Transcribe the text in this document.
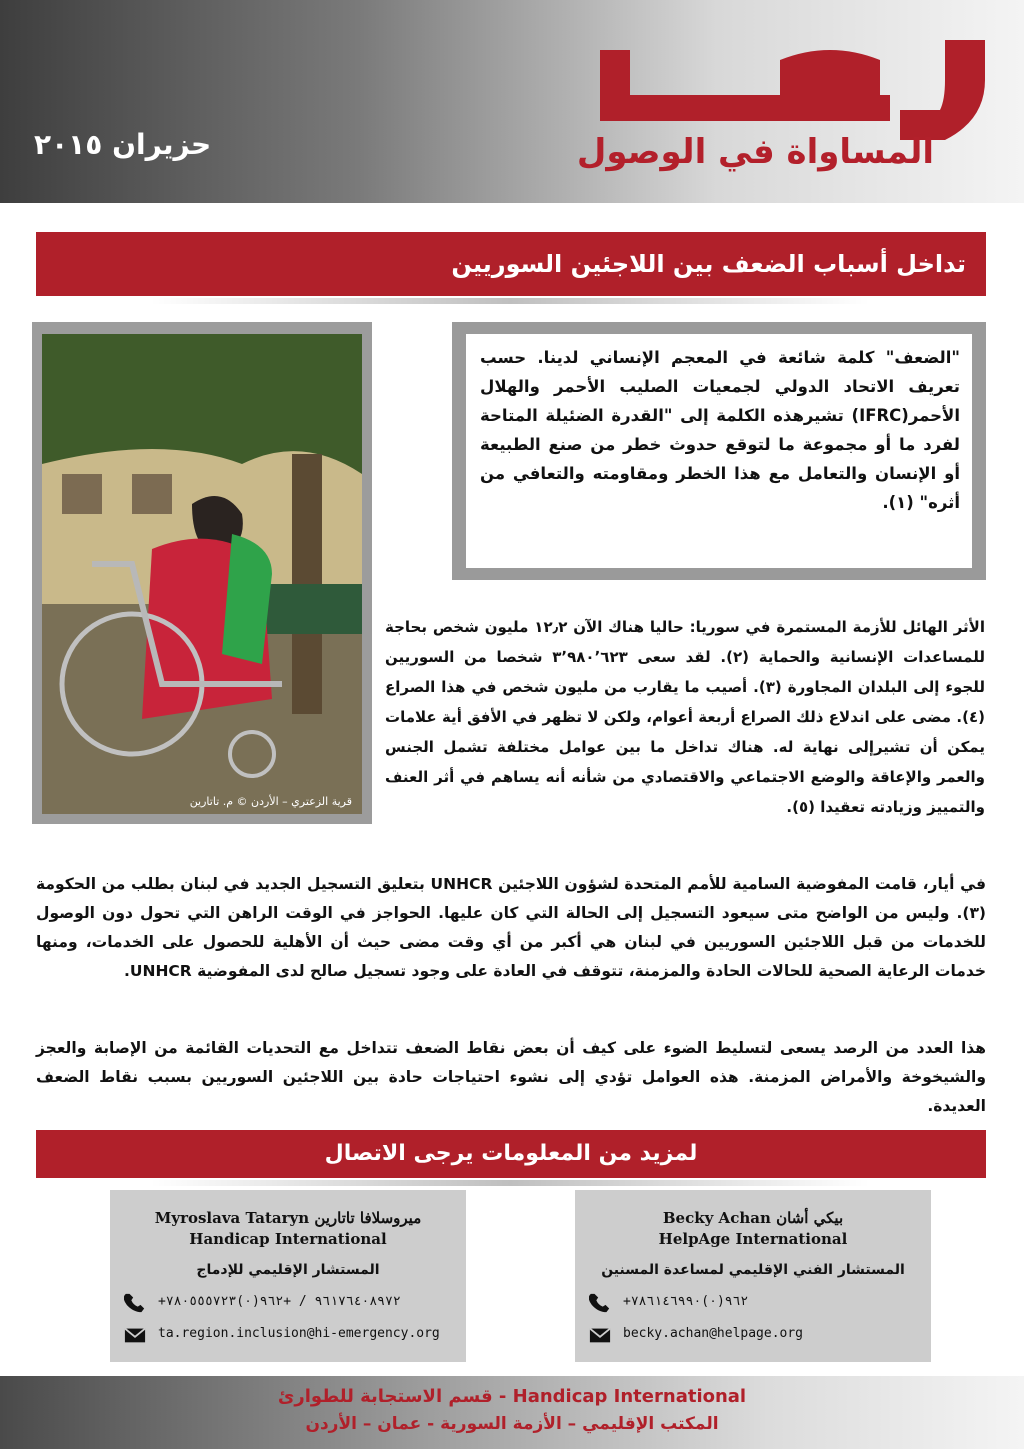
المساواة في الوصول
حزيران ٢٠١٥
تداخل أسباب الضعف بين اللاجئين السوريين
قرية الزعتري – الأردن © م. تاتارين
"الضعف" كلمة شائعة في المعجم الإنساني لدينا. حسب تعريف الاتحاد الدولي لجمعيات الصليب الأحمر والهلال الأحمر(IFRC) تشيرهذه الكلمة إلى "القدرة الضئيلة المتاحة لفرد ما أو مجموعة ما لتوقع حدوث خطر من صنع الطبيعة أو الإنسان والتعامل مع هذا الخطر ومقاومته والتعافي من أثره" (١).
الأثر الهائل للأزمة المستمرة في سوريا: حاليا هناك الآن ١٢٫٢ مليون شخص بحاجة للمساعدات الإنسانية والحماية (٢). لقد سعى ٣٬٩٨٠٬٦٢٣ شخصا من السوريين للجوء إلى البلدان المجاورة (٣). أصيب ما يقارب من مليون شخص في هذا الصراع (٤). مضى على اندلاع ذلك الصراع أربعة أعوام، ولكن لا تظهر في الأفق أية علامات يمكن أن تشيرإلى نهاية له. هناك تداخل ما بين عوامل مختلفة تشمل الجنس والعمر والإعاقة والوضع الاجتماعي والاقتصادي من شأنه أنه يساهم في أثر العنف والتمييز وزيادته تعقيدا (٥).
في أيار، قامت المفوضية السامية للأمم المتحدة لشؤون اللاجئين UNHCR بتعليق التسجيل الجديد في لبنان بطلب من الحكومة (٣). وليس من الواضح متى سيعود التسجيل إلى الحالة التي كان عليها. الحواجز في الوقت الراهن التي تحول دون الوصول للخدمات من قبل اللاجئين السوريين في لبنان هي أكبر من أي وقت مضى حيث أن الأهلية للحصول على الخدمات، ومنها خدمات الرعاية الصحية للحالات الحادة والمزمنة، تتوقف في العادة على وجود تسجيل صالح لدى المفوضية UNHCR.
هذا العدد من الرصد يسعى لتسليط الضوء على كيف أن بعض نقاط الضعف تتداخل مع التحديات القائمة من الإصابة والعجز والشيخوخة والأمراض المزمنة. هذه العوامل تؤدي إلى نشوء احتياجات حادة بين اللاجئين السوريين بسبب نقاط الضعف العديدة.
لمزيد من المعلومات يرجى الاتصال
Myroslava Tataryn ميروسلافا تاتارين
Handicap International
المستشار الإقليمي للإدماج
+٩٦١٧٦٤٠٨٩٧٢ / +٩٦٢(٠)٧٨٠٥٥٥٧٢٣
ta.region.inclusion@hi-emergency.org
Becky Achan بيكي أشان
HelpAge International
المستشار الفني الإقليمي لمساعدة المسنين
+٩٦٢(٠)٧٨٦١٤٦٩٩٠
becky.achan@helpage.org
Handicap International - قسم الاستجابة للطوارئ
المكتب الإقليمي – الأزمة السورية - عمان – الأردن
